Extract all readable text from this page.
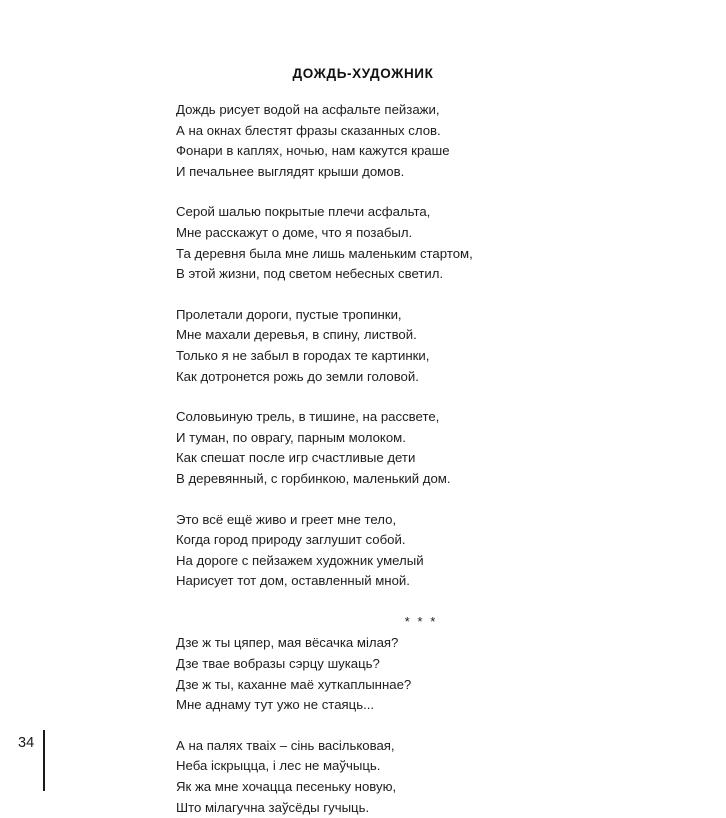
ДОЖДЬ-ХУДОЖНИК
Дождь рисует водой на асфальте пейзажи,
А на окнах блестят фразы сказанных слов.
Фонари в каплях, ночью, нам кажутся краше
И печальнее выглядят крыши домов.
Серой шалью покрытые плечи асфальта,
Мне расскажут о доме, что я позабыл.
Та деревня была мне лишь маленьким стартом,
В этой жизни, под светом небесных светил.
Пролетали дороги, пустые тропинки,
Мне махали деревья, в спину, листвой.
Только я не забыл в городах те картинки,
Как дотронется рожь до земли головой.
Соловьиную трель, в тишине, на рассвете,
И туман, по оврагу, парным молоком.
Как спешат после игр счастливые дети
В деревянный, с горбинкою, маленький дом.
Это всё ещё живо и греет мне тело,
Когда город природу заглушит собой.
На дороге с пейзажем художник умелый
Нарисует тот дом, оставленный мной.
* * *
Дзе ж ты цяпер, мая вёсачка мілая?
Дзе твае вобразы сэрцу шукаць?
Дзе ж ты, каханне маё хуткаплыннае?
Мне аднаму тут ужо не стаяць...
А на палях тваіх – сінь васільковая,
Неба іскрыцца, і лес не маўчыць.
Як жа мне хочацца песеньку новую,
Што мілагучна заўсёды гучыць.
34
